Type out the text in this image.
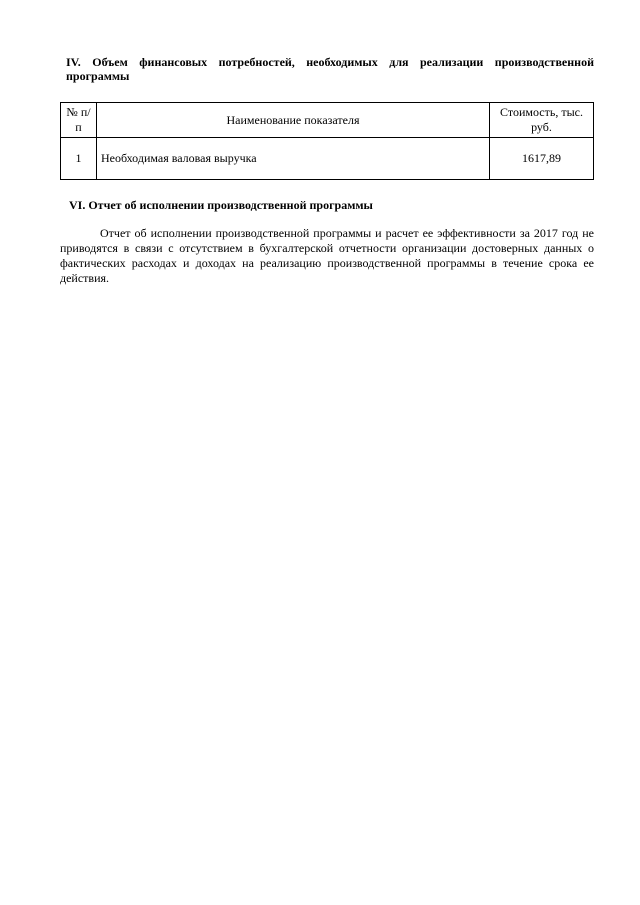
IV. Объем финансовых потребностей, необходимых для реализации производственной программы
№ п/п	Наименование показателя	Стоимость, тыс. руб.
1	Необходимая валовая выручка	1617,89
VI. Отчет об исполнении производственной программы

Отчет об исполнении производственной программы и расчет ее эффективности за 2017 год не приводятся в связи с отсутствием в бухгалтерской отчетности организации достоверных данных о фактических расходах и доходах на реализацию производственной программы в течение срока ее действия.
